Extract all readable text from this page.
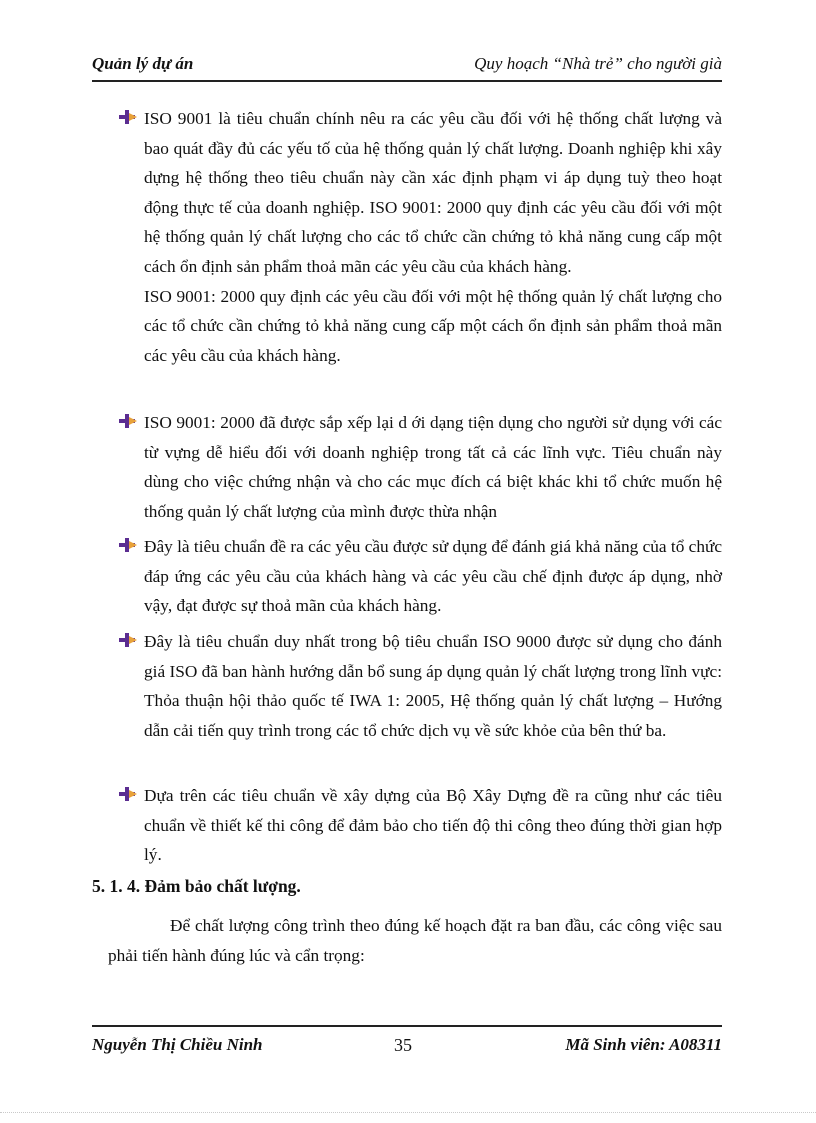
Quản lý dự án	Quy hoạch “Nhà trẻ” cho người già

ISO 9001 là tiêu chuẩn chính nêu ra các yêu cầu đối với hệ thống chất lượng và bao quát đầy đủ các yếu tố của hệ thống quản lý chất lượng. Doanh nghiệp khi xây dựng hệ thống theo tiêu chuẩn này cần xác định phạm vi áp dụng tuỳ theo hoạt động thực tế của doanh nghiệp. ISO 9001: 2000 quy định các yêu cầu đối với một hệ thống quản lý chất lượng cho các tổ chức cần chứng tỏ khả năng cung cấp một cách ổn định sản phẩm thoả mãn các yêu cầu của khách hàng.

ISO 9001: 2000 quy định các yêu cầu đối với một hệ thống quản lý chất lượng cho các tổ chức cần chứng tỏ khả năng cung cấp một cách ổn định sản phẩm thoả mãn các yêu cầu của khách hàng.

ISO 9001: 2000 đã được sắp xếp lại d ới dạng tiện dụng cho người sử dụng với các từ vựng dễ hiểu đối với doanh nghiệp trong tất cả các lĩnh vực. Tiêu chuẩn này dùng cho việc chứng nhận và cho các mục đích cá biệt khác khi tổ chức muốn hệ thống quản lý chất lượng của mình được thừa nhận

Đây là tiêu chuẩn đề ra các yêu cầu được sử dụng để đánh giá khả năng của tổ chức đáp ứng các yêu cầu của khách hàng và các yêu cầu chế định được áp dụng, nhờ vậy, đạt được sự thoả mãn của khách hàng.

Đây là tiêu chuẩn duy nhất trong bộ tiêu chuẩn ISO 9000 được sử dụng cho đánh giá ISO đã ban hành hướng dẫn bổ sung áp dụng quản lý chất lượng trong lĩnh vực: Thỏa thuận hội thảo quốc tế IWA 1: 2005, Hệ thống quản lý chất lượng – Hướng dẫn cải tiến quy trình trong các tổ chức dịch vụ về sức khỏe của bên thứ ba.

Dựa trên các tiêu chuẩn về xây dựng của Bộ Xây Dựng đề ra cũng như các tiêu chuẩn về thiết kế thi công để đảm bảo cho tiến độ thi công theo đúng thời gian hợp lý.

5. 1. 4. Đảm bảo chất lượng.

Để chất lượng công trình theo đúng kế hoạch đặt ra ban đầu, các công việc sau phải tiến hành đúng lúc và cẩn trọng:

Nguyễn Thị Chiều Ninh	35	Mã Sinh viên: A08311
